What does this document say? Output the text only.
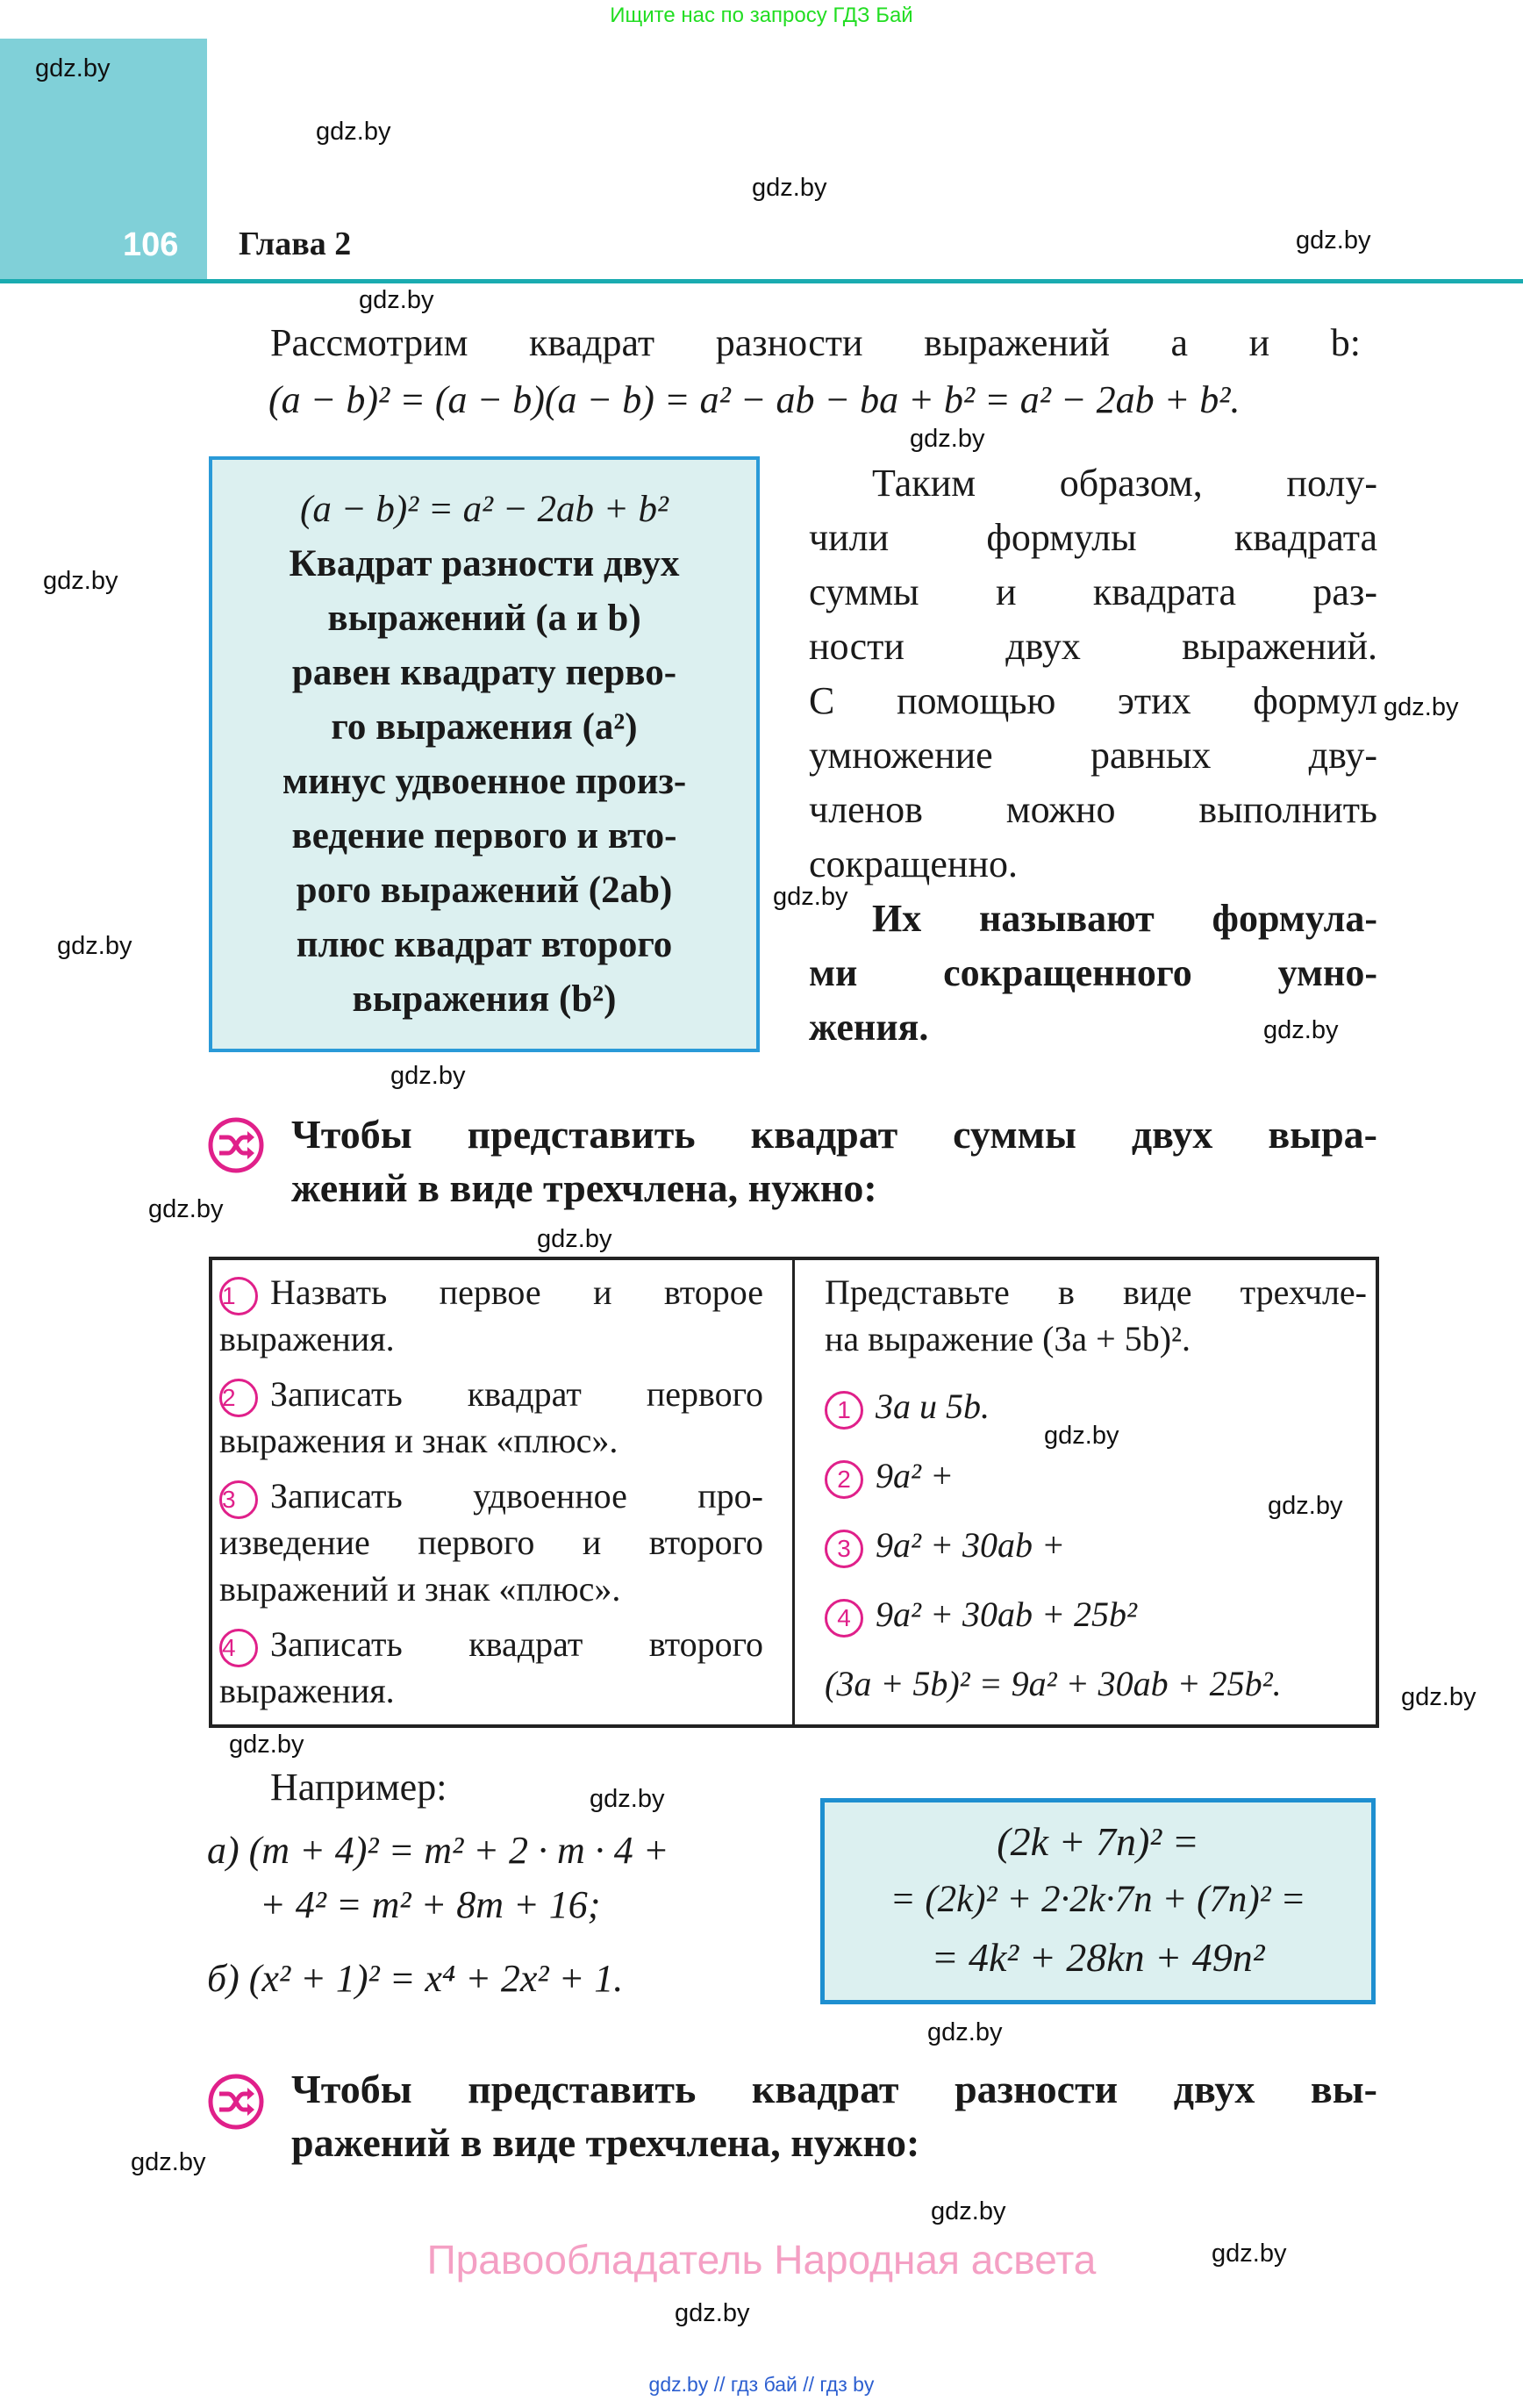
Ищите нас по запросу ГДЗ Бай
106 Глава 2
gdz.by
gdz.by
gdz.by
gdz.by
gdz.by
gdz.by
gdz.by
gdz.by
gdz.by
gdz.by
gdz.by
gdz.by
gdz.by
gdz.by
gdz.by
gdz.by
gdz.by
gdz.by
gdz.by
gdz.by
gdz.by
gdz.by
gdz.by
gdz.by
Рассмотрим квадрат разности выражений a и b:
(a − b)² = (a − b)(a − b) = a² − ab − ba + b² = a² − 2ab + b².
(a − b)² = a² − 2ab + b²
Квадрат разности двух
выражений (a и b)
равен квадрату перво-
го выражения (a²)
минус удвоенное произ-
ведение первого и вто-
рого выражений (2ab)
плюс квадрат второго
выражения (b²)
Таким образом, полу-
чили формулы квадрата
суммы и квадрата раз-
ности двух выражений.
С помощью этих формул
умножение равных дву-
членов можно выполнить
сокращенно.
Их называют формула-
ми сокращенного умно-
жения.
Чтобы представить квадрат суммы двух выра-
жений в виде трехчлена, нужно:
1 Назвать первое и второе
выражения.
2 Записать квадрат первого
выражения и знак «плюс».
3 Записать удвоенное про-
изведение первого и второго
выражений и знак «плюс».
4 Записать квадрат второго
выражения.
Представьте в виде трехчле-
на выражение (3a + 5b)².
1 3a и 5b.
2 9a² +
3 9a² + 30ab +
4 9a² + 30ab + 25b²
(3a + 5b)² = 9a² + 30ab + 25b².
Например:
а) (m + 4)² = m² + 2 · m · 4 +
+ 4² = m² + 8m + 16;
б) (x² + 1)² = x⁴ + 2x² + 1.
(2k + 7n)² =
= (2k)² + 2·2k·7n + (7n)² =
= 4k² + 28kn + 49n²
Чтобы представить квадрат разности двух вы-
ражений в виде трехчлена, нужно:
Правообладатель Народная асвета
gdz.by // гдз бай // гдз by
